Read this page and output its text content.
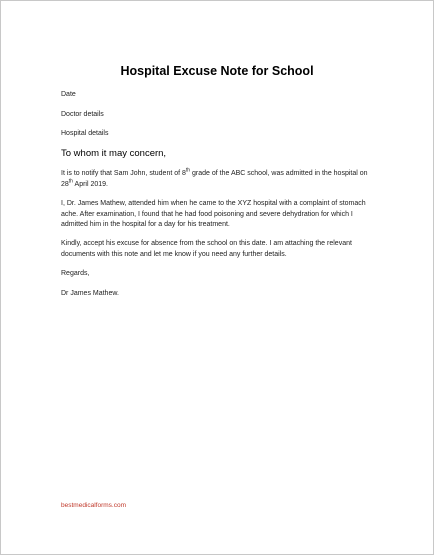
Hospital Excuse Note for School
Date
Doctor details
Hospital details
To whom it may concern,
It is to notify that Sam John, student of 8th grade of the ABC school, was admitted in the hospital on 28th April 2019.
I, Dr. James Mathew, attended him when he came to the XYZ hospital with a complaint of stomach ache. After examination, I found that he had food poisoning and severe dehydration for which I admitted him in the hospital for a day for his treatment.
Kindly, accept his excuse for absence from the school on this date. I am attaching the relevant documents with this note and let me know if you need any further details.
Regards,
Dr James Mathew.
bestmedicalforms.com
